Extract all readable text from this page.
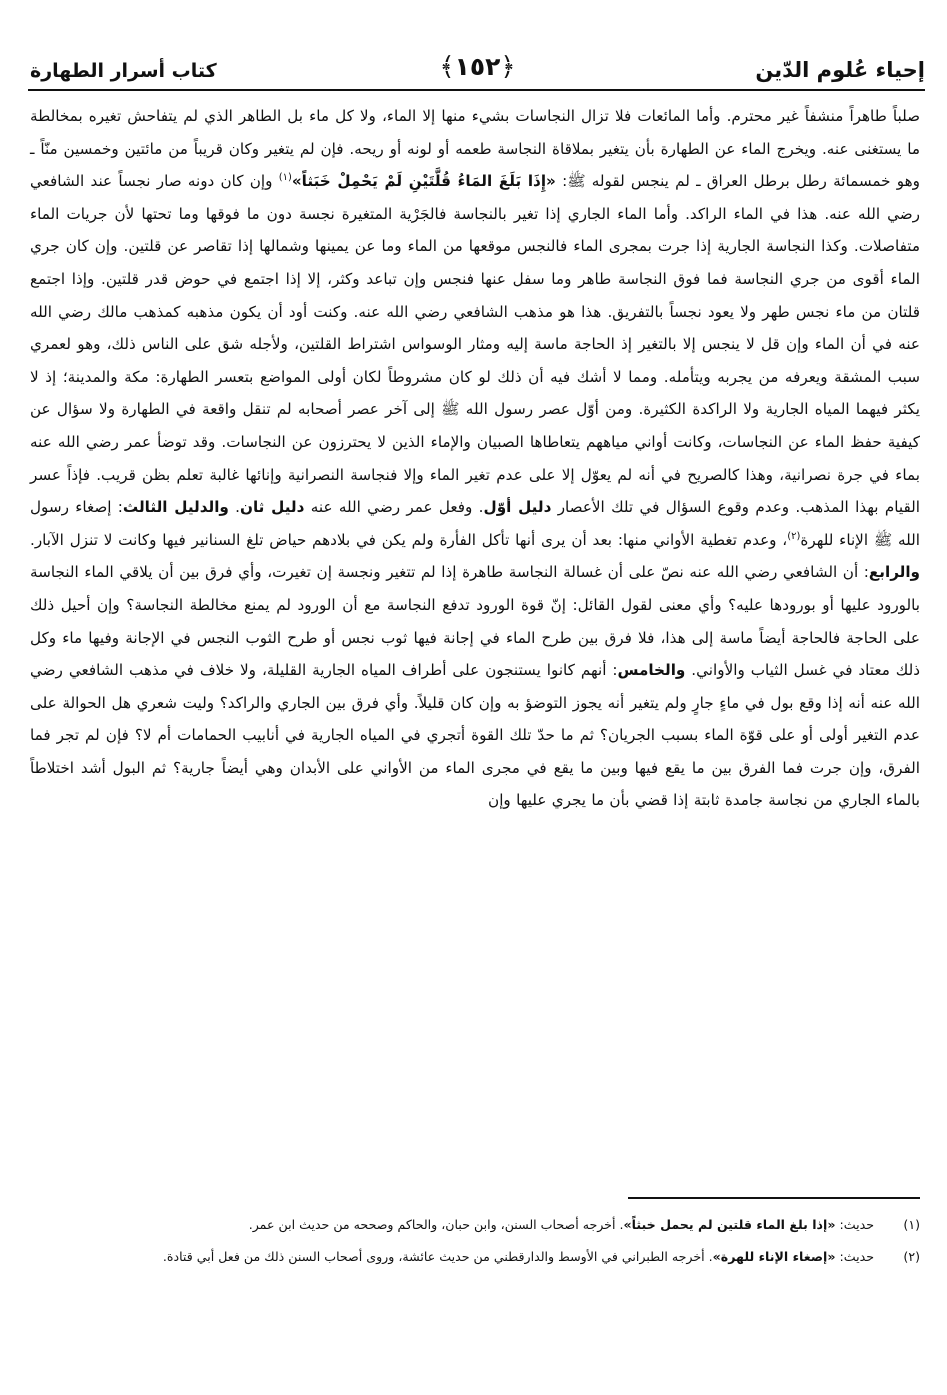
إحياء عُلوم الدّين
﴿١٥٢﴾
كتاب أسرار الطهارة

صلباً طاهراً منشفاً غير محترم. وأما المائعات فلا تزال النجاسات بشيء منها إلا الماء، ولا كل ماء بل الطاهر الذي لم يتفاحش تغيره بمخالطة ما يستغنى عنه. ويخرج الماء عن الطهارة بأن يتغير بملاقاة النجاسة طعمه أو لونه أو ريحه. فإن لم يتغير وكان قريباً من مائتين وخمسين منّاً ـ وهو خمسمائة رطل برطل العراق ـ لم ينجس لقوله ﷺ: «إِذَا بَلَغَ المَاءُ قُلَّتَيْنِ لَمْ يَحْمِلْ خَبَثاً»$^{(١)}$ وإن كان دونه صار نجساً عند الشافعي رضي الله عنه. هذا في الماء الراكد. وأما الماء الجاري إذا تغير بالنجاسة فالجَرْية المتغيرة نجسة دون ما فوقها وما تحتها لأن جريات الماء متفاصلات. وكذا النجاسة الجارية إذا جرت بمجرى الماء فالنجس موقعها من الماء وما عن يمينها وشمالها إذا تقاصر عن قلتين. وإن كان جري الماء أقوى من جري النجاسة فما فوق النجاسة طاهر وما سفل عنها فنجس وإن تباعد وكثر، إلا إذا اجتمع في حوض قدر قلتين. وإذا اجتمع قلتان من ماء نجس طهر ولا يعود نجساً بالتفريق. هذا هو مذهب الشافعي رضي الله عنه. وكنت أود أن يكون مذهبه كمذهب مالك رضي الله عنه في أن الماء وإن قل لا ينجس إلا بالتغير إذ الحاجة ماسة إليه ومثار الوسواس اشتراط القلتين، ولأجله شق على الناس ذلك، وهو لعمري سبب المشقة ويعرفه من يجربه ويتأمله. ومما لا أشك فيه أن ذلك لو كان مشروطاً لكان أولى المواضع بتعسر الطهارة: مكة والمدينة؛ إذ لا يكثر فيهما المياه الجارية ولا الراكدة الكثيرة. ومن أوّل عصر رسول الله ﷺ إلى آخر عصر أصحابه لم تنقل واقعة في الطهارة ولا سؤال عن كيفية حفظ الماء عن النجاسات، وكانت أواني مياههم يتعاطاها الصبيان والإماء الذين لا يحترزون عن النجاسات. وقد توضأ عمر رضي الله عنه بماء في جرة نصرانية، وهذا كالصريح في أنه لم يعوّل إلا على عدم تغير الماء وإلا فنجاسة النصرانية وإنائها غالبة تعلم بظن قريب. فإذاً عسر القيام بهذا المذهب. وعدم وقوع السؤال في تلك الأعصار دليل أوّل. وفعل عمر رضي الله عنه دليل ثان. والدليل الثالث: إصغاء رسول الله ﷺ الإناء للهرة$^{(٢)}$، وعدم تغطية الأواني منها: بعد أن يرى أنها تأكل الفأرة ولم يكن في بلادهم حياض تلغ السنانير فيها وكانت لا تنزل الآبار. والرابع: أن الشافعي رضي الله عنه نصّ على أن غسالة النجاسة طاهرة إذا لم تتغير ونجسة إن تغيرت، وأي فرق بين أن يلاقي الماء النجاسة بالورود عليها أو بورودها عليه؟ وأي معنى لقول القائل: إنّ قوة الورود تدفع النجاسة مع أن الورود لم يمنع مخالطة النجاسة؟ وإن أحيل ذلك على الحاجة فالحاجة أيضاً ماسة إلى هذا، فلا فرق بين طرح الماء في إجانة فيها ثوب نجس أو طرح الثوب النجس في الإجانة وفيها ماء وكل ذلك معتاد في غسل الثياب والأواني. والخامس: أنهم كانوا يستنجون على أطراف المياه الجارية القليلة، ولا خلاف في مذهب الشافعي رضي الله عنه أنه إذا وقع بول في ماءٍ جارٍ ولم يتغير أنه يجوز التوضؤ به وإن كان قليلاً. وأي فرق بين الجاري والراكد؟ وليت شعري هل الحوالة على عدم التغير أولى أو على قوّة الماء بسبب الجريان؟ ثم ما حدّ تلك القوة أتجري في المياه الجارية في أنابيب الحمامات أم لا؟ فإن لم تجر فما الفرق، وإن جرت فما الفرق بين ما يقع فيها وبين ما يقع في مجرى الماء من الأواني على الأبدان وهي أيضاً جارية؟ ثم البول أشد اختلاطاً بالماء الجاري من نجاسة جامدة ثابتة إذا قضي بأن ما يجري عليها وإن

(١)
حديث: «إذا بلغ الماء قلتين لم يحمل خبثاً». أخرجه أصحاب السنن، وابن حبان، والحاكم وصححه من حديث ابن عمر.
(٢)
حديث: «إصغاء الإناء للهرة». أخرجه الطبراني في الأوسط والدارقطني من حديث عائشة، وروى أصحاب السنن ذلك من فعل أبي قتادة.
